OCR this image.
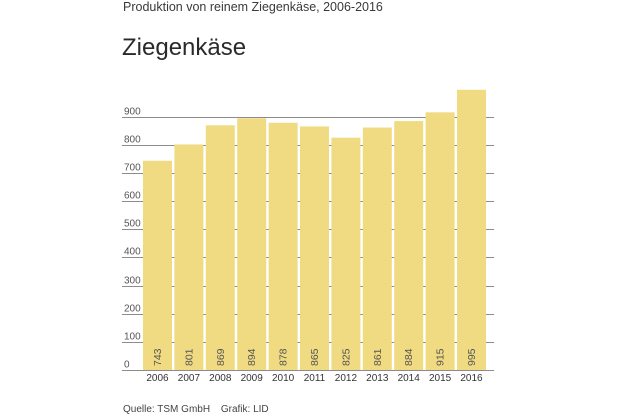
Produktion von reinem Ziegenkäse, 2006-2016
Ziegenkäse
743 801 869 894 878 865 825 861 884 915 995
0
100
200
300
400
500
600
700
800
900
2006 2007 2008 2009 2010 2011 2012 2013 2014 2015 2016
Quelle: TSM GmbH Grafik: LID
